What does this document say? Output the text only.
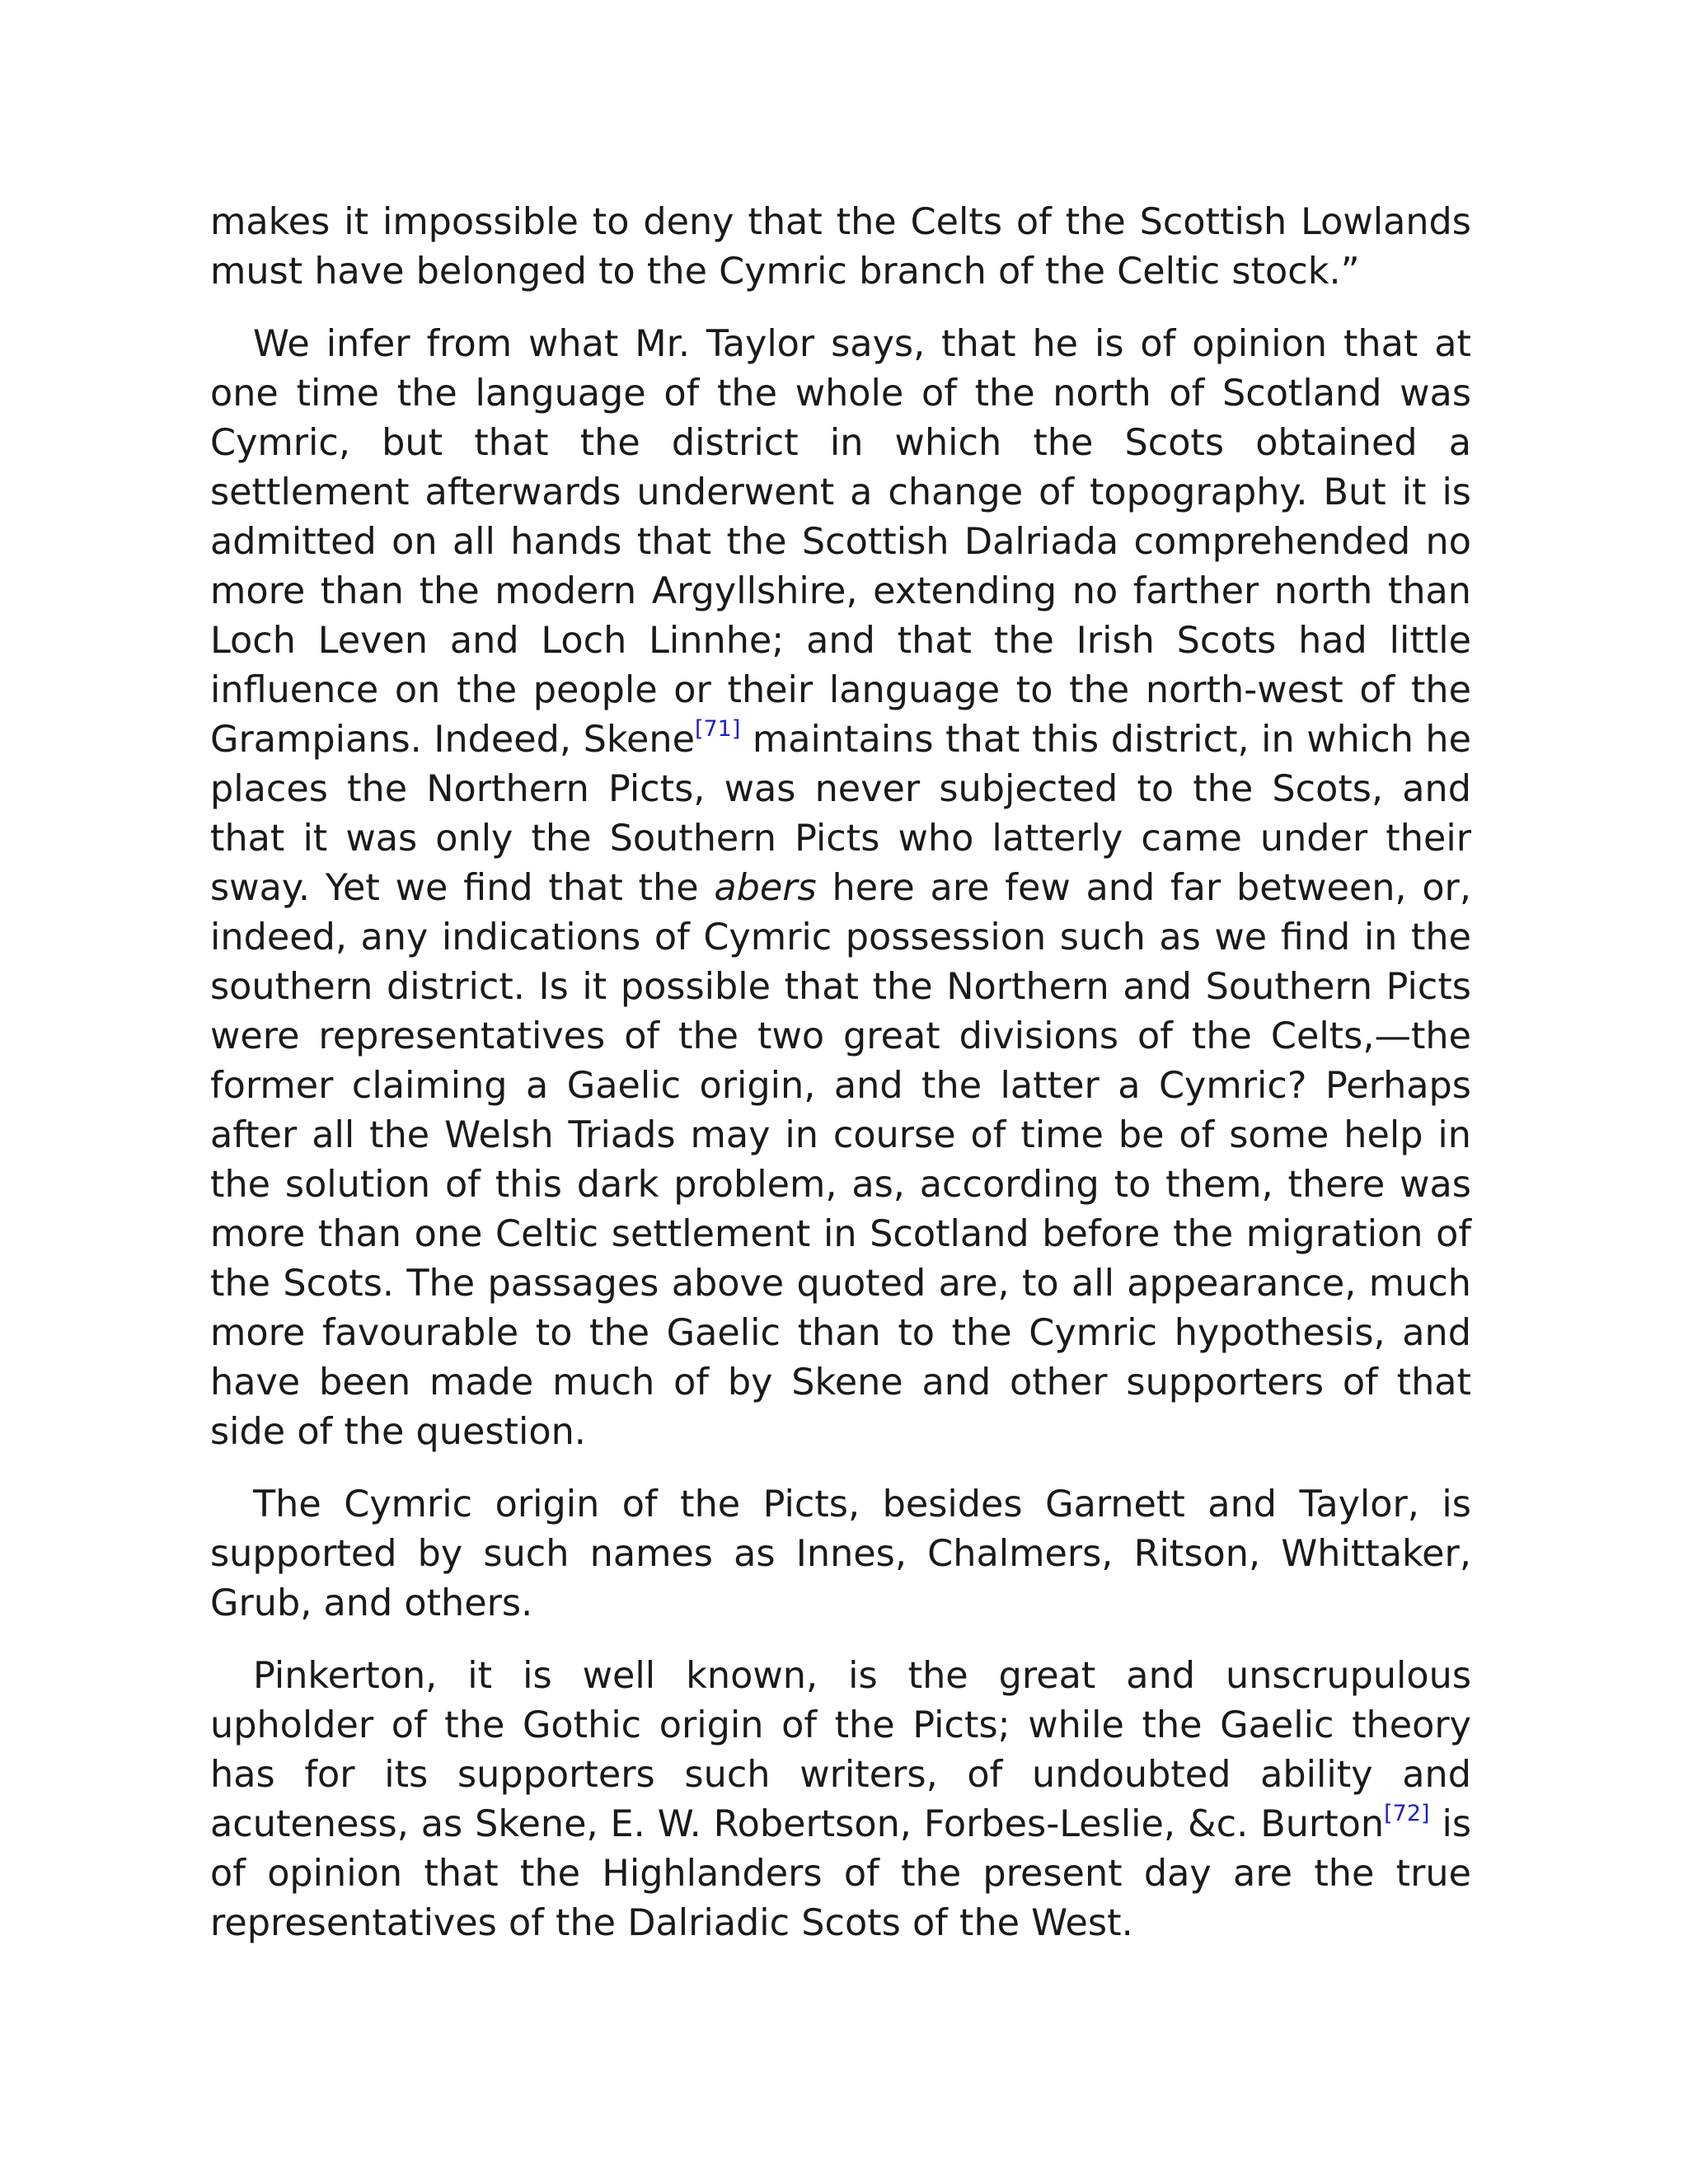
makes it impossible to deny that the Celts of the Scottish Lowlands must have belonged to the Cymric branch of the Celtic stock.”

We infer from what Mr. Taylor says, that he is of opinion that at one time the language of the whole of the north of Scotland was Cymric, but that the district in which the Scots obtained a settlement afterwards underwent a change of topography. But it is admitted on all hands that the Scottish Dalriada comprehended no more than the modern Argyllshire, extending no farther north than Loch Leven and Loch Linnhe; and that the Irish Scots had little influence on the people or their language to the north-west of the Grampians. Indeed, Skene[71] maintains that this district, in which he places the Northern Picts, was never subjected to the Scots, and that it was only the Southern Picts who latterly came under their sway. Yet we find that the abers here are few and far between, or, indeed, any indications of Cymric possession such as we find in the southern district. Is it possible that the Northern and Southern Picts were representatives of the two great divisions of the Celts,—the former claiming a Gaelic origin, and the latter a Cymric? Perhaps after all the Welsh Triads may in course of time be of some help in the solution of this dark problem, as, according to them, there was more than one Celtic settlement in Scotland before the migration of the Scots. The passages above quoted are, to all appearance, much more favourable to the Gaelic than to the Cymric hypothesis, and have been made much of by Skene and other supporters of that side of the question.

The Cymric origin of the Picts, besides Garnett and Taylor, is supported by such names as Innes, Chalmers, Ritson, Whittaker, Grub, and others.

Pinkerton, it is well known, is the great and unscrupulous upholder of the Gothic origin of the Picts; while the Gaelic theory has for its supporters such writers, of undoubted ability and acuteness, as Skene, E. W. Robertson, Forbes-Leslie, &c. Burton[72] is of opinion that the Highlanders of the present day are the true representatives of the Dalriadic Scots of the West.
